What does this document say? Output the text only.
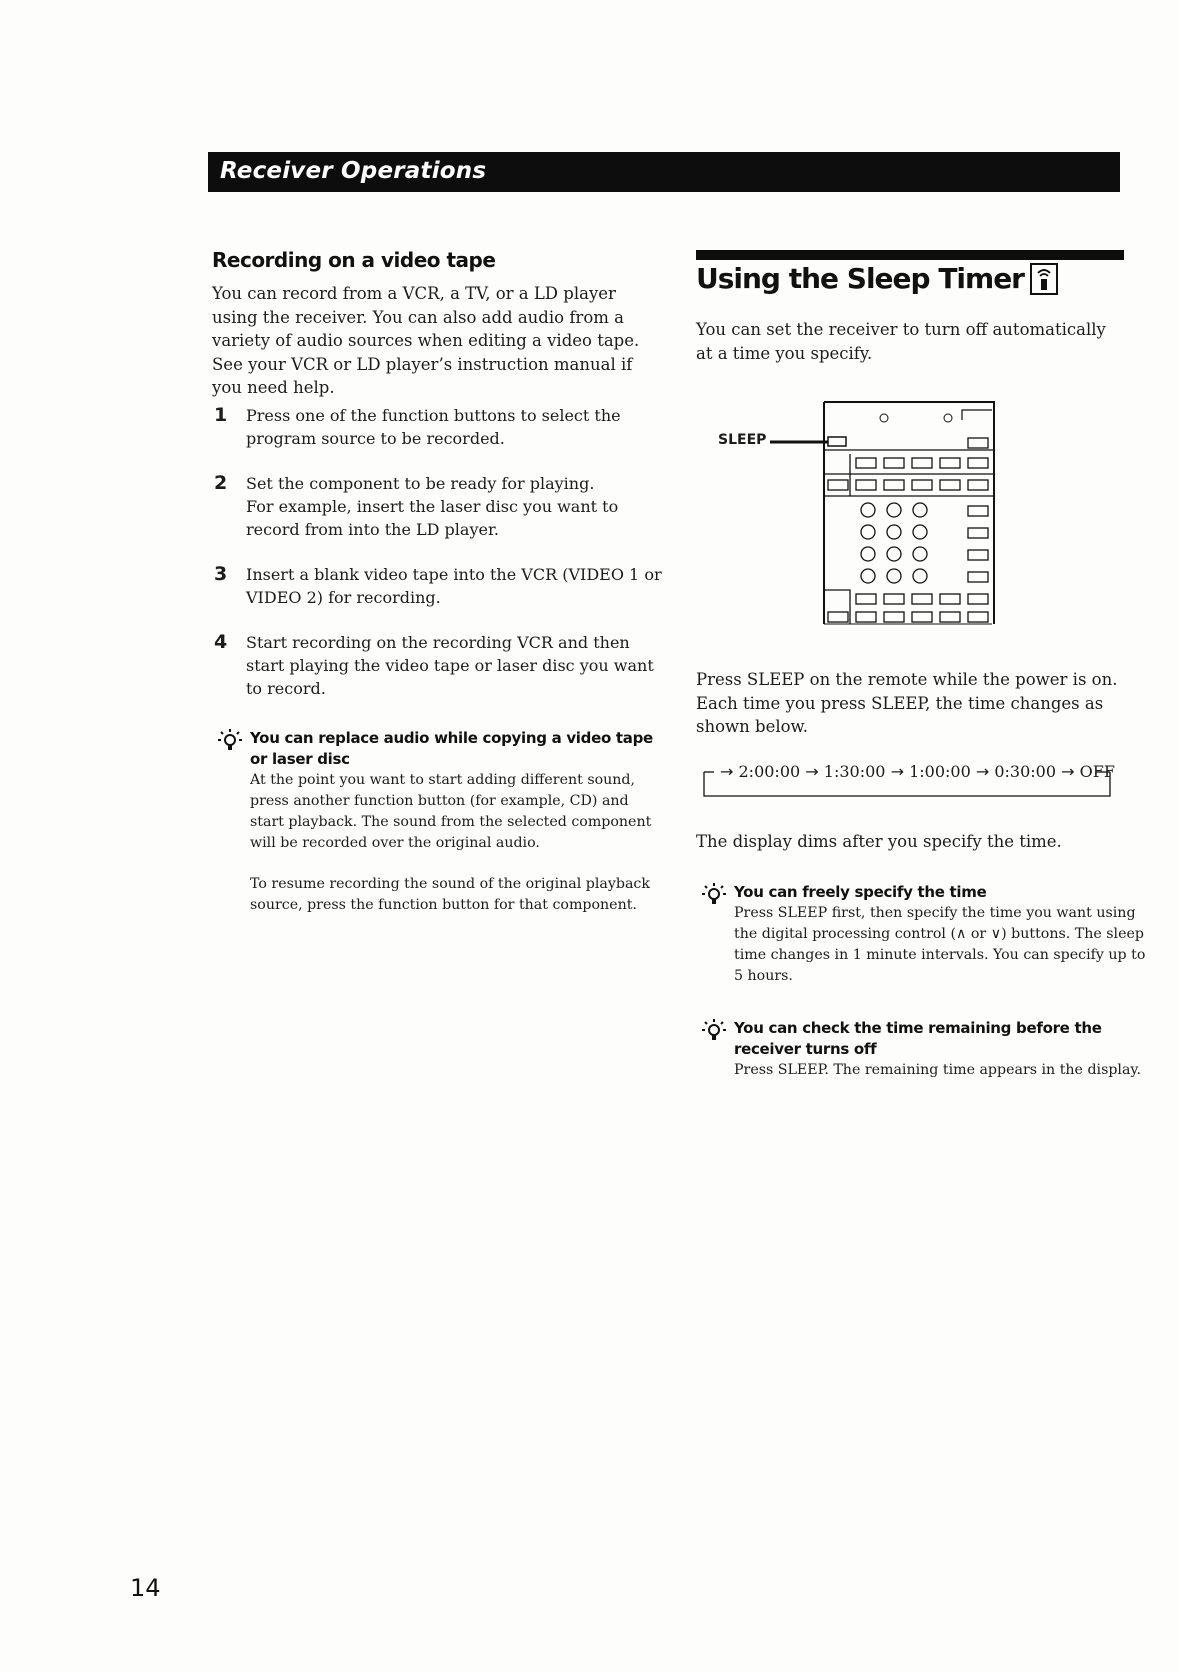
Receiver Operations
Recording on a video tape

You can record from a VCR, a TV, or a LD player using the receiver. You can also add audio from a variety of audio sources when editing a video tape. See your VCR or LD player’s instruction manual if you need help.

1 Press one of the function buttons to select the program source to be recorded.
2 Set the component to be ready for playing.
For example, insert the laser disc you want to record from into the LD player.
3 Insert a blank video tape into the VCR (VIDEO 1 or VIDEO 2) for recording.
4 Start recording on the recording VCR and then start playing the video tape or laser disc you want to record.
You can replace audio while copying a video tape or laser disc
At the point you want to start adding different sound, press another function button (for example, CD) and start playback. The sound from the selected component will be recorded over the original audio.
To resume recording the sound of the original playback source, press the function button for that component.
Using the Sleep Timer

You can set the receiver to turn off automatically at a time you specify.

SLEEP

Press SLEEP on the remote while the power is on. Each time you press SLEEP, the time changes as shown below.

→ 2:00:00 → 1:30:00 → 1:00:00 → 0:30:00 → OFF

The display dims after you specify the time.

You can freely specify the time
Press SLEEP first, then specify the time you want using the digital processing control (∧ or ∨) buttons. The sleep time changes in 1 minute intervals. You can specify up to 5 hours.
You can check the time remaining before the receiver turns off
Press SLEEP. The remaining time appears in the display.
14
